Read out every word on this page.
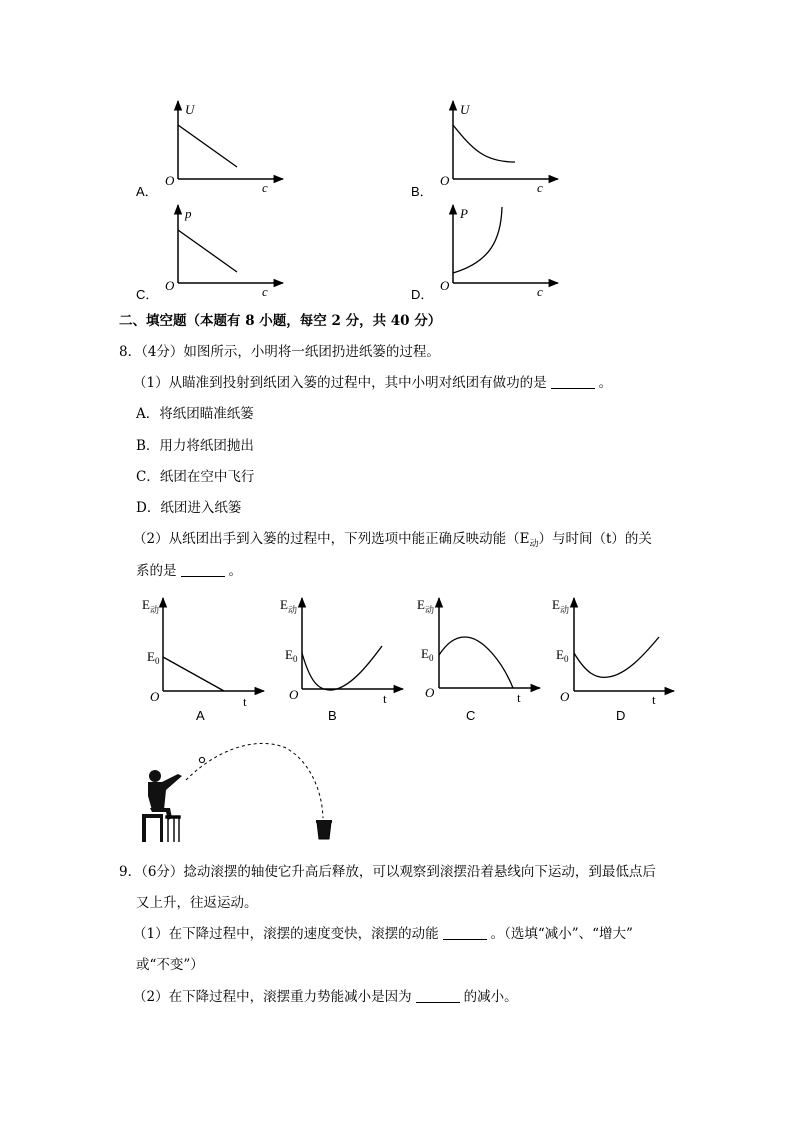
U
O	c
A．
U
O	c
B．
p
O	c
C．
P
O	c
D．
二、填空题（本题有 8 小题，每空 2 分，共 40 分）
8．（4分）如图所示，小明将一纸团扔进纸篓的过程。
（1）从瞄准到投射到纸团入篓的过程中，其中小明对纸团有做功的是	。
A．将纸团瞄准纸篓
B．用力将纸团抛出
C．纸团在空中飞行
D．纸团进入纸篓
（2）从纸团出手到入篓的过程中，下列选项中能正确反映动能$(E_动)$与时间（t）的关
系的是	。
$E_动$
$E_0$
O	t
A
$E_动$
$E_0$
O	t
B
$E_动$
$E_0$
O	t
C
$E_动$
$E_0$
O	t
D
9．（6分）捻动滚摆的轴使它升高后释放，可以观察到滚摆沿着悬线向下运动，到最低点后
又上升，往返运动。
（1）在下降过程中，滚摆的速度变快，滚摆的动能	。（选填“减小”、“增大”
或“不变”）
（2）在下降过程中，滚摆重力势能减小是因为	的减小。
